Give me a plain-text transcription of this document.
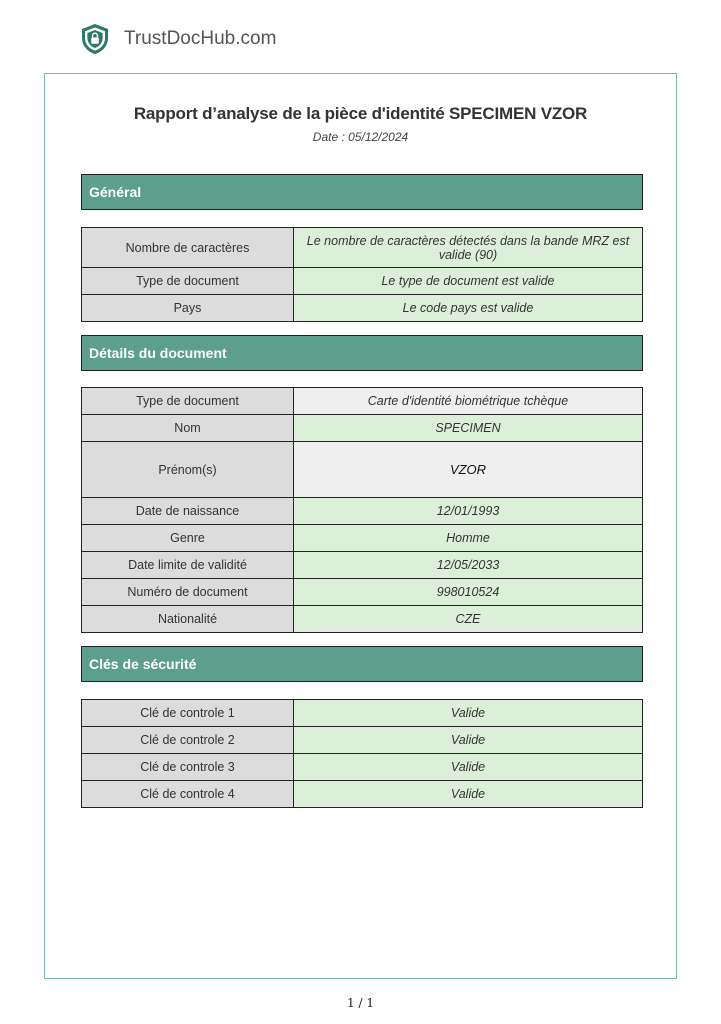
TrustDocHub.com
Rapport d’analyse de la pièce d'identité SPECIMEN VZOR
Date : 05/12/2024
Général
Nombre de caractères	Le nombre de caractères détectés dans la bande MRZ est valide (90)
Type de document	Le type de document est valide
Pays	Le code pays est valide
Détails du document
Type de document	Carte d'identité biométrique tchèque
Nom	SPECIMEN
Prénom(s)	VZOR
Date de naissance	12/01/1993
Genre	Homme
Date limite de validité	12/05/2033
Numéro de document	998010524
Nationalité	CZE
Clés de sécurité
Clé de controle 1	Valide
Clé de controle 2	Valide
Clé de controle 3	Valide
Clé de controle 4	Valide
1 / 1
